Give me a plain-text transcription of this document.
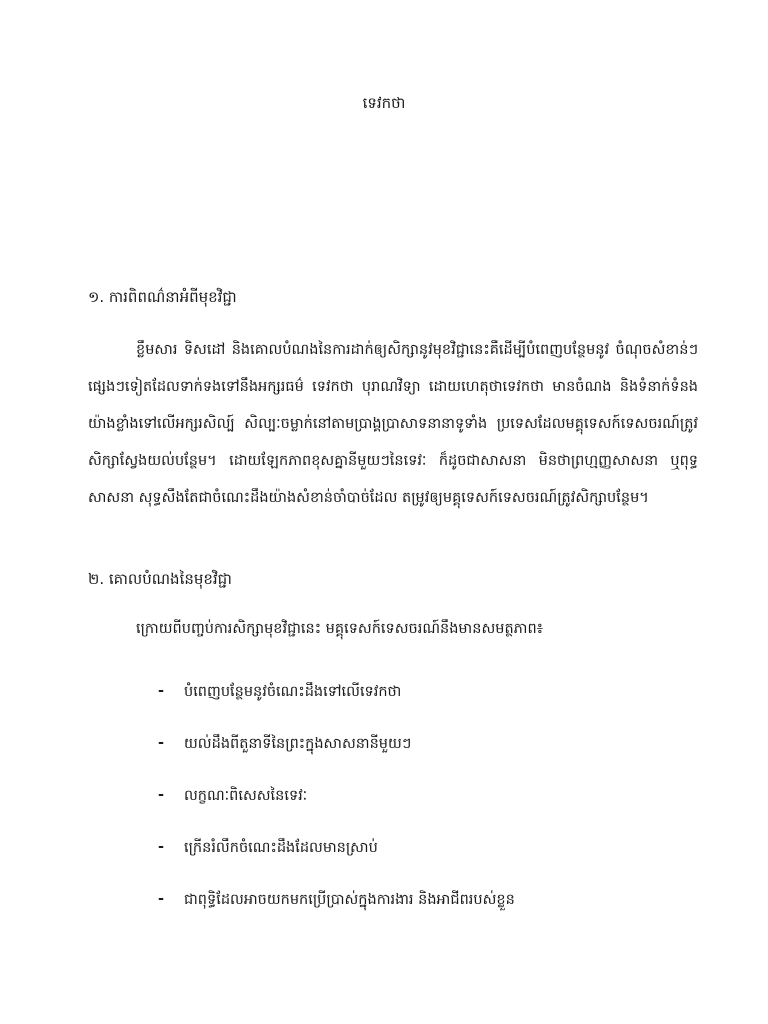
ទេវកថា
១. ការពិពណ៌នាអំពីមុខវិជ្ជា

ខ្លឹមសារ ទិសដៅ និងគោលបំណងនៃការដាក់ឲ្យសិក្សានូវមុខវិជ្ជានេះគឺដើម្បីបំពេញបន្ថែមនូវ ចំណុចសំខាន់ៗ ផ្សេងៗទៀតដែលទាក់ទងទៅនឹងអក្សរធម៌ ទេវកថា បុរាណវិទ្យា ដោយហេតុថាទេវកថា មានចំណង និងទំនាក់ទំនងយ៉ាងខ្លាំងទៅលើអក្សរសិល្ប៍ សិល្បៈចម្លាក់នៅតាមប្រាង្គប្រាសាទនានាទូទាំង ប្រទេសដែលមគ្គុទេសក៍ទេសចរណ៍ត្រូវសិក្សាស្វែងយល់បន្ថែម។ ដោយឡែកភាពខុសគ្នានីមួយៗនៃទេវៈ ក៏ដូចជាសាសនា មិនថាព្រហ្មញ្ញសាសនា ឬពុទ្ធសាសនា សុទ្ធសឹងតែជាចំណេះដឹងយ៉ាងសំខាន់ចាំបាច់ដែល តម្រូវឲ្យមគ្គុទេសក៍ទេសចរណ៍ត្រូវសិក្សាបន្ថែម។

២. គោលបំណងនៃមុខវិជ្ជា
ក្រោយពីបញ្ចប់ការសិក្សាមុខវិជ្ជានេះ មគ្គុទេសក៍ទេសចរណ៍នឹងមានសមត្ថភាព៖
-	បំពេញបន្ថែមនូវចំណេះដឹងទៅលើទេវកថា
-	យល់ដឹងពីតួនាទីនៃព្រះក្នុងសាសនានីមួយៗ
-	លក្ខណៈពិសេសនៃទេវៈ
-	ក្រើនរំលឹកចំណេះដឹងដែលមានស្រាប់
-	ជាពុទ្ធិដែលអាចយកមកប្រើប្រាស់ក្នុងការងារ និងអាជីពរបស់ខ្លួន
